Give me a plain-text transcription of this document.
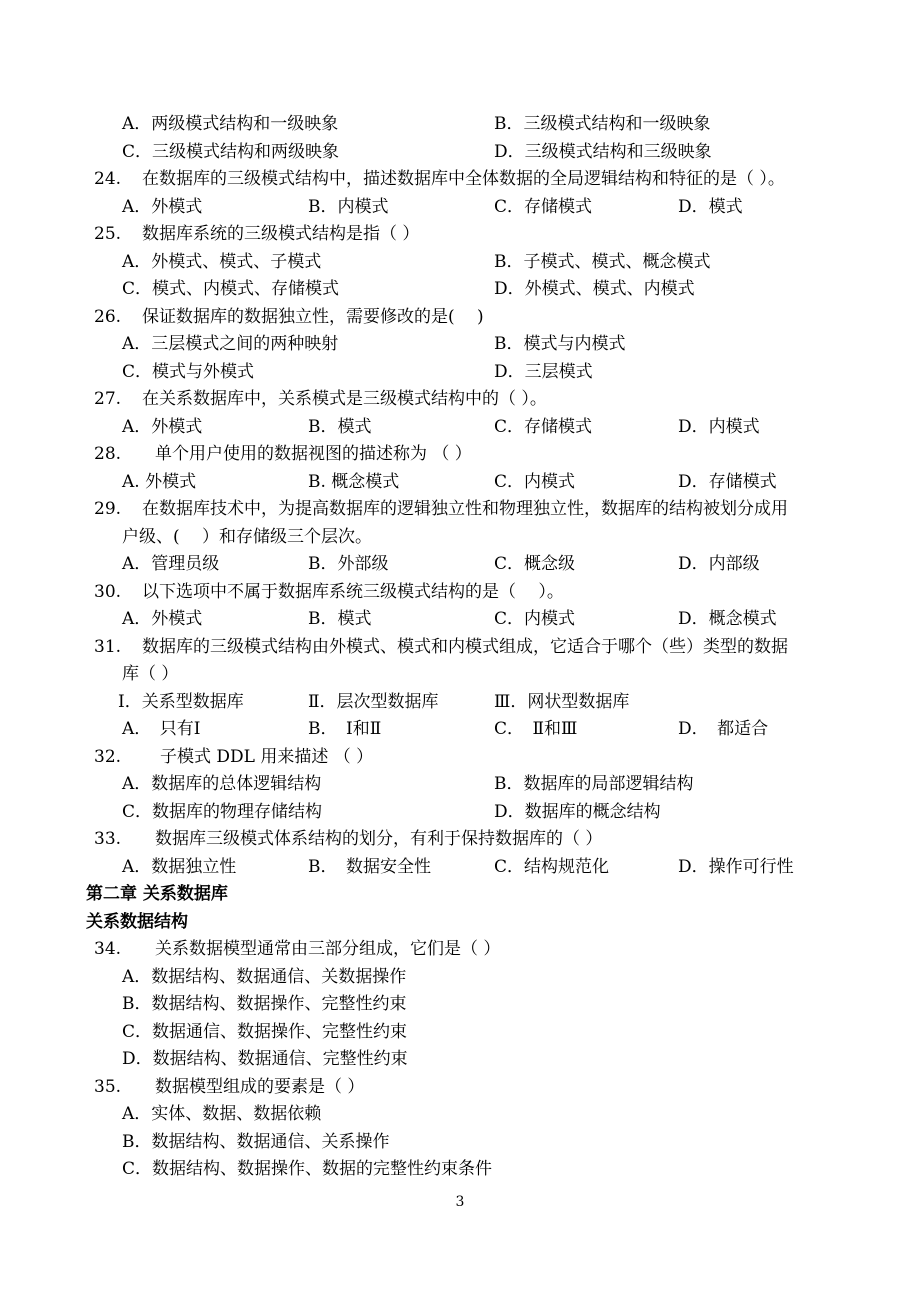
A．两级模式结构和一级映象	B．三级模式结构和一级映象
C．三级模式结构和两级映象	D．三级模式结构和三级映象
24. 在数据库的三级模式结构中，描述数据库中全体数据的全局逻辑结构和特征的是（ ）。
A．外模式	B．内模式	C．存储模式	D．模式
25. 数据库系统的三级模式结构是指（ ）
A．外模式、模式、子模式	B．子模式、模式、概念模式
C．模式、内模式、存储模式	D．外模式、模式、内模式
26. 保证数据库的数据独立性，需要修改的是(　 )
A．三层模式之间的两种映射	B．模式与内模式
C．模式与外模式	D．三层模式
27. 在关系数据库中，关系模式是三级模式结构中的（ ）。
A．外模式	B．模式	C．存储模式	D．内模式
28. 单个用户使用的数据视图的描述称为 （ ）
A. 外模式	B. 概念模式	C．内模式	D．存储模式
29. 在数据库技术中，为提高数据库的逻辑独立性和物理独立性，数据库的结构被划分成用
户级、(　 ）和存储级三个层次。
A．管理员级	B．外部级	C．概念级	D．内部级
30. 以下选项中不属于数据库系统三级模式结构的是（　 ）。
A．外模式	B．模式	C．内模式	D．概念模式
31. 数据库的三级模式结构由外模式、模式和内模式组成，它适合于哪个（些）类型的数据
库（ ）
Ⅰ．关系型数据库	Ⅱ．层次型数据库	Ⅲ．网状型数据库
A．　只有Ⅰ	B．　Ⅰ和Ⅱ	C．　Ⅱ和Ⅲ	D．　都适合
32. 子模式 DDL 用来描述 （ ）
A．数据库的总体逻辑结构	B．数据库的局部逻辑结构
C．数据库的物理存储结构	D．数据库的概念结构
33. 数据库三级模式体系结构的划分，有利于保持数据库的（ ）
A．数据独立性	B．　数据安全性	C．结构规范化	D．操作可行性
第二章 关系数据库
关系数据结构
34. 关系数据模型通常由三部分组成，它们是（ ）
A．数据结构、数据通信、关数据操作
B．数据结构、数据操作、完整性约束
C．数据通信、数据操作、完整性约束
D．数据结构、数据通信、完整性约束
35. 数据模型组成的要素是（ ）
A．实体、数据、数据依赖
B．数据结构、数据通信、关系操作
C．数据结构、数据操作、数据的完整性约束条件
3
